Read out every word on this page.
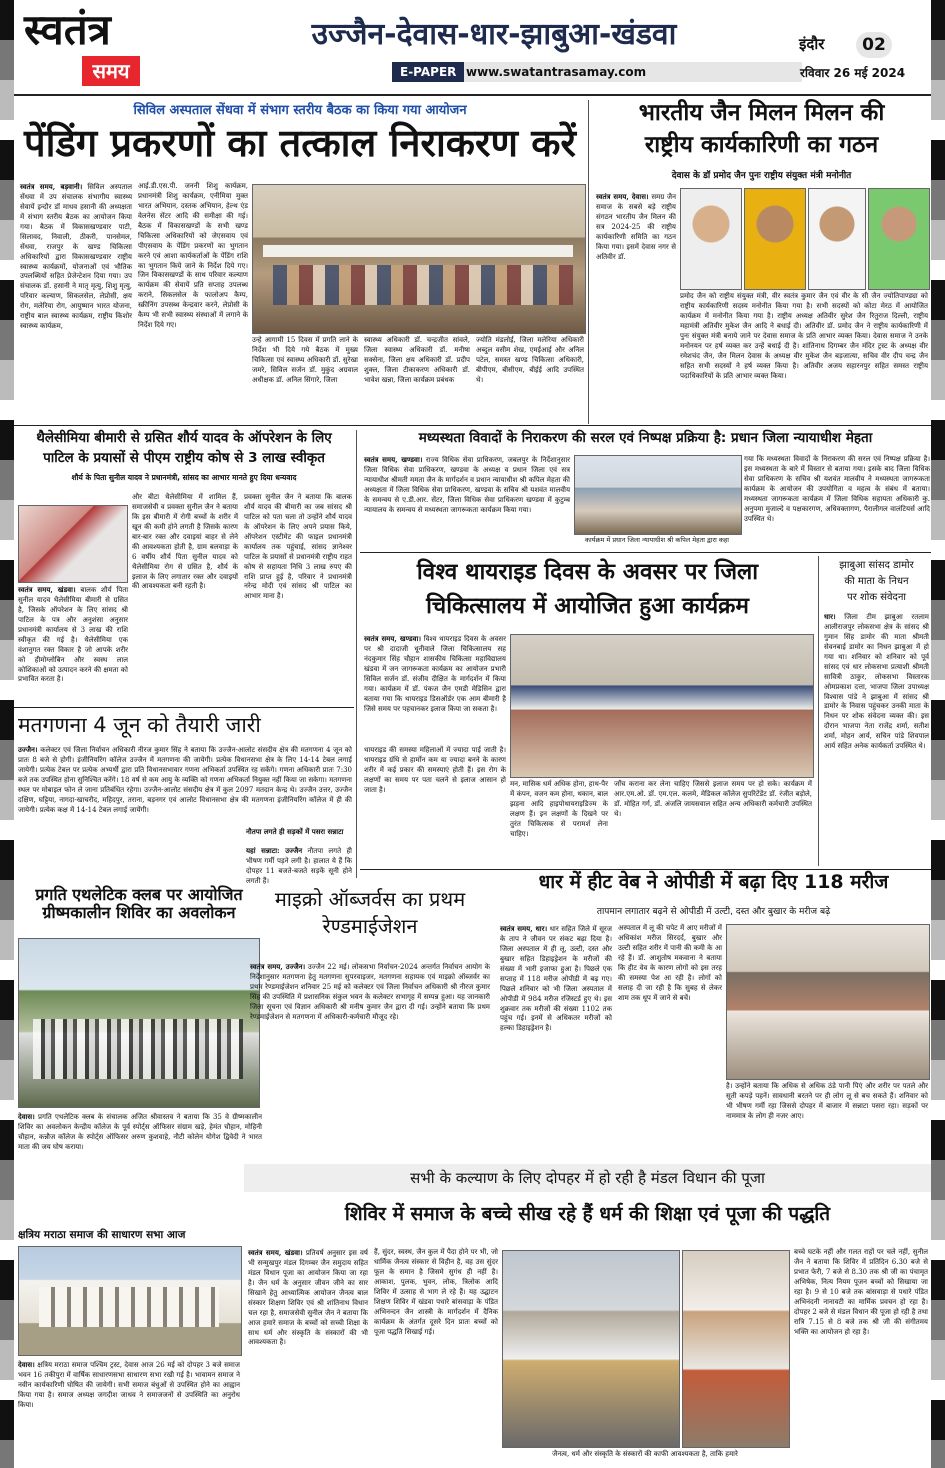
स्वतंत्र
समय
उज्जैन-देवास-धार-झाबुआ-खंडवा
E-PAPER www.swatantrasamay.com
इंदौर	02
रविवार 26 मई 2024
सिविल अस्पताल सेंधवा में संभाग स्तरीय बैठक का किया गया आयोजन
पेंडिंग प्रकरणों का तत्काल निराकरण करें
स्वतंत्र समय, बड़वानी। सिविल अस्पताल सेंधवा में उप संचालक संभागीय स्वास्थ्य सेवायें इन्दौर डॉ माधव हसानी की अध्यक्षता में संभाग स्तरीय बैठक का आयोजन किया गया। बैठक में विकासखण्डवार पाटी, सिलावद, निवाली, ठीकरी, पानसेमल, सेंधवा, राजपुर के खण्ड चिकित्सा अधिकारियों द्वारा विकासखण्डवार राष्ट्रीय स्वास्थ्य कार्यक्रमों, योजनाओं एवं भौतिक उपलब्धियों सहित प्रेजेन्टेशन दिया गया। उप संचालक डॉ. हसानी ने मातृ मृत्यु, शिशु मृत्यु, परिवार कल्याण, सिकलसेल, लेप्रोसी, क्षय रोग, मलेरिया रोग, आयुष्मान भारत योजना, राष्ट्रीय बाल स्वास्थ्य कार्यक्रम, राष्ट्रीय किशोर स्वास्थ्य कार्यक्रम,
आई.डी.एस.पी. जननी शिशु कार्यक्रम, प्रधानमंत्री शिशु कार्यक्रम, एनीमिया मुक्त भारत अभियान, दस्तक अभियान, हेल्थ एंड वेलनेस सेंटर आदि की समीक्षा की गई। बैठक में विकासखण्डों के सभी खण्ड चिकित्सा अधिकारियों को जेएसवाय एवं पीएसवाय के पेंडिंग प्रकरणों का भुगतान करने एवं आशा कार्यकर्ताओं के पेंडिंग राशि का भुगतान किये जाने के निर्देश दिये गए। जिन विकासखण्डों के साथ परिवार कल्याण कार्यक्रम की सेवायें प्रति सप्ताह उपलब्ध कराने, सिकलसेल के फालोअप कैम्प, स्क्रीनिंग उपसब्ध केन्द्रवार करने, लेप्रोसी के कैम्प भी सभी स्वास्थ्य संस्थाओं में लगाने के निर्देश दिये गए।
उन्हे आगामी 15 दिवस में प्रगति लाने के निर्देश भी दिये गये बैठक में मुख्य चिकित्सा एवं स्वास्थ्य अधिकारी डॉ. सुरेखा जमरे, सिविल सर्जन डॉ. मुकुंद अग्रवाल अधीक्षक डॉ. अनिल सिंगारे, जिला
स्वास्थ्य अधिकारी डॉ. चन्द्रजीत सांवले, जिला स्वास्थ्य अधिकारी डॉ. मनीषा सक्सेना, जिला क्षय अधिकारी डॉ. प्रदीप शुक्ल, जिला टीकाकरण अधिकारी डॉ. भावेश खन्ना, जिला कार्यक्रम प्रबंधक
ज्योति मंडलोई, जिला मलेरिया अधिकारी अब्दुल वसीम शेख, एमईआई और अनिल पटेल, समस्त खण्ड चिकित्सा अधिकारी, बीपीएम, बीसीएम, बीईई आदि उपस्थित थे।
भारतीय जैन मिलन मिलन की
राष्ट्रीय कार्यकारिणी का गठन
देवास के डॉ प्रमोद जैन पुनः राष्ट्रीय संयुक्त मंत्री मनोनीत
स्वतंत्र समय, देवास। समग्र जैन समाज के सबसे बड़े राष्ट्रीय संगठन भारतीय जैन मिलन की सत्र 2024-25 की राष्ट्रीय कार्यकारिणी समिति का गठन किया गया। इसमें देवास नगर से अतिवीर डॉ.
प्रमोद जैन को राष्ट्रीय संयुक्त मंत्री, वीर स्वतंत्र कुमार जैन एवं वीर के सी जैन ज्योतिपाण्ड्या को राष्ट्रीय कार्यकारिणी सदस्य मनोनीत किया गया है। सभी सदस्यों को कोटा मेरठ में आयोजित कार्यक्रम में मनोनीत किया गया है। राष्ट्रीय अध्यक्ष अतिवीर सुरेश जैन रितुराज दिल्ली, राष्ट्रीय महामंत्री अतिवीर मुकेश जैन आदि ने बधाई दी। अतिवीर डॉ. प्रमोद जैन ने राष्ट्रीय कार्यकारिणी में पुनः संयुक्त मंत्री बनाये जाने पर देवास समाज के प्रति आभार व्यक्त किया। देवास समाज ने उनके मनोनयन पर हर्ष व्यक्त कर उन्हें बधाई दी है। शांतिनाथ दिगम्बर जैन मंदिर ट्रस्ट के अध्यक्ष वीर रमेशचंद जैन, जैन मिलन देवास के अध्यक्ष वीर मुकेश जैन बड़जात्या, सचिव वीर दीप चन्द्र जैन सहित सभी सदस्यों ने हर्ष व्यक्त किया है। अतिवीर अजय सहारनपुर सहित समस्त राष्ट्रीय पदाधिकारियों के प्रति आभार व्यक्त किया।
थैलेसीमिया बीमारी से ग्रसित शौर्य यादव के ऑपरेशन के लिए
पाटिल के प्रयासों से पीएम राष्ट्रीय कोष से 3 लाख स्वीकृत
शौर्य के पिता सुनील यादव ने प्रधानमंत्री, सांसद का आभार मानते हुए दिया धन्यवाद
स्वतंत्र समय, खंडवा। बालक शौर्य पिता सुनील यादव थैलेसीमिया बीमारी से ग्रसित है, जिसके ऑपरेशन के लिए सांसद श्री पाटिल के पत्र और अनुशंसा अनुसार प्रधानमंत्री कार्यालय से 3 लाख की राशि स्वीकृत की गई है। थैलेसीमिया एक वंशानुगत रक्त विकार है जो आपके शरीर को हीमोग्लोबिन और स्वस्थ लाल कोशिकाओं को उत्पादन करने की क्षमता को प्रभावित करता है।
और बीटा थैलेसीमिया में शामिल हैं, समाजसेवी व प्रवक्ता सुनील जैन ने बताया कि इस बीमारी में रोगी बच्चों के शरीर में खून की कमी होने लगती है जिसके कारण बार-बार रक्त और दवाइयां बाहर से लेने की आवश्यकता होती है, ग्राम बलवाड़ा के 6 वर्षीय शौर्य पिता सुनील यादव को थैलेसीमिया रोग से ग्रसित है, शौर्य के इलाज के लिए लगातार रक्त और दवाइयों की आवश्यकता बनी रहती है।
प्रवक्ता सुनील जैन ने बताया कि बालक शौर्य यादव की बीमारी का जब सांसद श्री पाटिल को पता चला तो उन्होंने शौर्य यादव के ऑपरेशन के लिए अपने प्रयास किये, ऑपरेशन एस्टीमेट की फाइल प्रधानमंत्री कार्यालय तक पहुंचाई, सांसद ज्ञानेश्वर पाटिल के प्रयासों से प्रधानमंत्री राष्ट्रीय राहत कोष से सहायता निधि 3 लाख रुपए की राशि प्राप्त हुई है, परिवार ने प्रधानमंत्री नरेन्द्र मोदी एवं सांसद श्री पाटिल का आभार माना है।
मतगणना 4 जून को तैयारी जारी
उज्जैन। कलेक्टर एवं जिला निर्वाचन अधिकारी नीरज कुमार सिंह ने बताया कि उज्जैन-आलोट संसदीय क्षेत्र की मतगणना 4 जून को प्रातः 8 बजे से होगी। इंजीनियरिंग कॉलेज उज्जैन में मतगणना की जायेगी। प्रत्येक विधानसभा क्षेत्र के लिए 14-14 टेबल लगाई जायेगी। प्रत्येक टेबल पर प्रत्येक अभ्यर्थी द्वारा प्रति विधानसभावार गणना अभिकर्ता उपस्थित रह सकेंगे। गणना अधिकारी प्रातः 7:30 बजे तक उपस्थित होना सुनिश्चित करेंगे। 18 वर्ष से कम आयु के व्यक्ति को गणना अभिकर्ता नियुक्त नहीं किया जा सकेगा। मतगणना स्थल पर मोबाइल फोन ले जाना प्रतिबंधित रहेगा। उज्जैन-आलोट संसदीय क्षेत्र में कुल 2097 मतदान केन्द्र थे। उज्जैन उत्तर, उज्जैन दक्षिण, घट्टिया, नागदा-खाचरौद, महिदपुर, तराना, बड़नगर एवं आलोट विधानसभा क्षेत्र की मतगणना इंजीनियरिंग कॉलेज में ही की जायेगी। प्रत्येक कक्ष में 14-14 टेबल लगाई जायेंगी।
प्रगति एथलेटिक क्लब पर आयोजित ग्रीष्मकालीन शिविर का अवलोकन
देवास। प्रगति एथलेटिक क्लब के संचालक अजित श्रीवास्तव ने बताया कि 35 वे ग्रीष्मकालीन शिविर का अवलोकन केन्द्रीय कॉलेज के पूर्व स्पोर्ट्स ऑफिसर संग्राम खड़े, हेमंत चौहान, मोहिनी चौहान, कन्नौज कॉलेज के स्पोर्ट्स ऑफिसर अरुण कुशवाहे, नौटी कोलेन योगेश द्विवेदी ने भारत माता की जय घोष कराया।
क्षत्रिय मराठा समाज की साधारण सभा आज
देवास। क्षत्रिय मराठा समाज पश्चिम ट्रस्ट, देवास आज 26 मई को दोपहर 3 बजे समाज भवन 16 तकीपुरा में वार्षिक साधारणसभा साधारण सभा रखी गई है। भावामन समाज ने नवीन कार्यकारिणी घोषित की जायेगी। सभी समाज बंधुओं से उपस्थित होने का आह्वान किया गया है। समाज अध्यक्ष जगदीश जाधव ने समाजजनों से उपस्थिति का अनुरोध किया।
मध्यस्थता विवादों के निराकरण की सरल एवं निष्पक्ष प्रक्रिया है: प्रधान जिला न्यायाधीश मेहता
स्वतंत्र समय, खण्डवा। राज्य विधिक सेवा प्राधिकरण, जबलपुर के निर्देशानुसार जिला विधिक सेवा प्राधिकरण, खण्डवा के अध्यक्ष व प्रधान जिला एवं सत्र न्यायाधीश श्रीमती ममता जैन के मार्गदर्शन व प्रधान न्यायाधीश श्री कपिल मेहता की अध्यक्षता में जिला विधिक सेवा प्राधिकरण, खण्डवा के सचिव श्री यशवंत मालवीय के समन्वय से ए.डी.आर. सेंटर, जिला विधिक सेवा प्राधिकरण खण्डवा में कुटुम्ब न्यायालय के समन्वय से मध्यस्थता जागरूकता कार्यक्रम किया गया।
कार्यक्रम में प्रधान जिला न्यायाधीश श्री कपिल मेहता द्वारा कहा
गया कि मध्यस्थता विवादों के निराकरण की सरल एवं निष्पक्ष प्रक्रिया है। इस मध्यस्थता के बारे में विस्तार से बताया गया। इसके बाद जिला विधिक सेवा प्राधिकरण के सचिव श्री यशवंत मालवीय ने मध्यस्थता जागरूकता कार्यक्रम के आयोजन की उपयोगिता व महत्व के संबंध में बताया। मध्यस्थता जागरूकता कार्यक्रम में जिला विधिक सहायता अधिकारी कु. अनुपमा मुजाल्दे व पक्षकारगण, अधिवक्तागण, पैरालीगल वालंटियर्स आदि उपस्थित थे।
विश्व थायराइड दिवस के अवसर पर जिला
चिकित्सालय में आयोजित हुआ कार्यक्रम
स्वतंत्र समय, खण्डवा। विश्व थायराइड दिवस के अवसर पर श्री दादाजी धूनीवाले जिला चिकित्सालय सह नंदकुमार सिंह चौहान शासकीय चिकित्सा महाविद्यालय खंडवा में जन जागरूकता कार्यक्रम का आयोजन प्रभारी सिविल सर्जन डॉ. संजीव दीक्षित के मार्गदर्शन में किया गया। कार्यक्रम में डॉ. पंकज जैन एमडी मेडिसिन द्वारा बताया गया कि थायराइड डिसऑर्डर एक आम बीमारी है जिसे समय पर पहचानकर इलाज किया जा सकता है।
थायराइड की समस्या महिलाओं में ज्यादा पाई जाती है। थायराइड ग्रंथि से हार्मोन कम या ज्यादा बनने के कारण शरीर में कई प्रकार की समस्याएं होती हैं। इस रोग के लक्षणों का समय पर पता चलने से इलाज आसान हो जाता है।
मन, मासिक धर्म अधिक होना, हाथ-पैर में कंपन, वजन कम होना, थकान, बाल झड़ना आदि हाइपोथायराइडिज्म के लक्षण हैं। इन लक्षणों के दिखने पर तुरंत चिकित्सक से परामर्श लेना चाहिए।
जाँच कराना कर लेना चाहिए जिससे इलाज समय पर हो सके। कार्यक्रम में आर.एम.ओ. डॉ. एम.एल. कलमे, मेडिकल कॉलेज सुपरिटेंडेंट डॉ. रंजीत बड़ोले, डॉ. मोहित गर्ग, डॉ. अंजलि जायसवाल सहित अन्य अधिकारी कर्मचारी उपस्थित थे।
नौतपा लगते ही सड़कों में पसरा सन्नाटा
यहां सन्नाटा: उज्जैन नौतपा लगते ही भीषण गर्मी पड़ने लगी है। हालात ये हैं कि दोपहर 11 बजते-बजते सड़कें सूनी होने लगती हैं।
झाबुआ सांसद डामोर
की माता के निधन
पर शोक संवेदना
धार। जिला टीम झाबुआ रतलाम आलीराजपुर लोकसभा क्षेत्र के सांसद श्री गुमान सिंह डामोर की माता श्रीमती सेवनबाई डामोर का निधन झाबुआ में हो गया था। शनिवार को शनिवार को पूर्व सांसद एवं धार लोकसभा प्रत्याशी श्रीमती सावित्री ठाकुर, लोकसभा विस्तारक ओमप्रकाश दत्ता, भाजपा जिला उपाध्यक्ष विश्वास पांडे ने झाबुआ में सांसद श्री डामोर के निवास पहुंचकर उनकी माता के निधन पर शोक संवेदना व्यक्त की। इस दौरान भाजपा नेता राजेंद्र शर्मा, सतीश शर्मा, मोहन आर्य, सचिन पांडे शिवपाल आर्य सहित अनेक कार्यकर्ता उपस्थित थे।
माइक्रो ऑब्जर्वस का प्रथम रेण्डमाईजेशन
स्वतंत्र समय, उज्जैन। उज्जैन 22 मई। लोकसभा निर्वाचन-2024 अन्तर्गत निर्वाचन आयोग के निर्देशानुसार मतगणना हेतु मतगणना सुपरवाइजर, मतगणना सहायक एवं माइक्रो ऑब्जर्वर का प्रथम रेण्डमाईजेशन शनिवार 25 मई को कलेक्टर एवं जिला निर्वाचन अधिकारी श्री नीरज कुमार सिंह की उपस्थिति में प्रशासनिक संकुल भवन के कलेक्टर सभागृह में सम्पन्न हुआ। यह जानकारी जिला सूचना एवं विज्ञान अधिकारी श्री मनीष कुमार जैन द्वारा दी गई। उन्होंने बताया कि प्रथम रेण्डमाईजेशन से मतगणना में अधिकारी-कर्मचारी मौजूद रहे।
धार में हीट वेब ने ओपीडी में बढ़ा दिए 118 मरीज
तापमान लगातार बढ़ने से ओपीडी में उल्टी, दस्त और बुखार के मरीज बढ़े
स्वतंत्र समय, धार। धार सहित जिले में सूरज के ताप ने जीवन पर संकट बढ़ा दिया है। जिला अस्पताल में ही लू, उल्टी, दस्त और बुखार सहित डिहाइड्रेशन के मरीजों की संख्या में भारी इजाफा हुआ है। पिछले एक सप्ताह में 118 मरीज ओपीडी में बढ़ गए। पिछले शनिवार को भी जिला अस्पताल में ओपीडी में 984 मरीज रजिस्टर्ड हुए थे। इस शुक्रवार तक मरीजों की संख्या 1102 तक पहुंच गई। इनमें से अधिकतर मरीजों को हल्का डिहाइड्रेशन है।
अस्पताल में लू की चपेट में आए मरीजों में अधिकांश मरीज सिरदर्द, बुखार और उल्टी सहित शरीर में पानी की कमी के आ रहे हैं। डॉ. आशुतोष मकवाना ने बताया कि हीट वेव के कारण लोगों को इस तरह की समस्या पेश आ रही है। लोगों को सलाह दी जा रही है कि सुबह से लेकर शाम तक धूप में जाने से बचें।
है। उन्होंने बताया कि अधिक से अधिक ठंडे पानी पिएं और शरीर पर पतले और सूती कपड़े पहनें। सावधानी बरतने पर ही लोग लू से बच सकते हैं। शनिवार को भी भीषण गर्मी रहा जिससे दोपहर में बाजार में सन्नाटा पसरा रहा। सड़कों पर नाममात्र के लोग ही नजर आए।
सभी के कल्याण के लिए दोपहर में हो रही है मंडल विधान की पूजा
शिविर में समाज के बच्चे सीख रहे हैं धर्म की शिक्षा एवं पूजा की पद्धति
स्वतंत्र समय, खंडवा। प्रतिवर्ष अनुसार इस वर्ष भी सन्मुखपुर मंडल दिगम्बर जैन समुदाय सहित मंडल विधान पूजा का आयोजन किया जा रहा है। जैन धर्म के अनुसार जीवन जीने का सार सिखाने हेतु आध्यात्मिक आयोजन जैनत्व बाल संस्कार शिक्षण शिविर एवं श्री शांतिनाथ विधान चल रहा है, समाजसेवी सुनील जैन ने बताया कि आज हमारे समाज के बच्चों को सच्ची शिक्षा के साथ धर्म और संस्कृति के संस्कारों की भी आवश्यकता है।
हैं, सुंदर, स्वस्थ, जैन कुल में पैदा होने पर भी, जो धार्मिक जैनत्व संस्कार से विहीन है, वह उस सुंदर फूल के समान है जिसमे सुगंध ही नहीं है। आकाश, पुलक, भुवन, लोक, त्रिलोक आदि शिविर में उत्साह से भाग ले रहे हैं। यह उद्घाटन शिक्षण शिविर में खंडवा पधारे बांसवाड़ा के पंडित अभिनन्दन जैन शास्त्री के मार्गदर्शन में दैनिक कार्यक्रम के अंतर्गत दूसरे दिन प्रातः बच्चों को पूजा पद्धति सिखाई गई।
जैनत्व, धर्म और संस्कृति के संस्कारों की काफी आवश्यकता है, ताकि हमारे
बच्चे घटके नहीं और गलत राहों पर चले नहीं, सुनील जैन ने बताया कि शिविर में प्रतिदिन 6.30 बजे से प्रभात फेरी, 7 बजे से 8.30 तक श्री जी का पंचामृत अभिषेक, नित्य नियम पूजन बच्चों को सिखाया जा रहा है। 9 से 10 बजे तक बांसवाड़ा से पधारे पंडित अभिनंदनी नानावटी का मार्मिक प्रवचन हो रहा है। दोपहर 2 बजे से मंडल विधान की पूजा हो रही है तथा रात्रि 7.15 से 8 बजे तक श्री जी की संगीतमय भक्ति का आयोजन हो रहा है।
